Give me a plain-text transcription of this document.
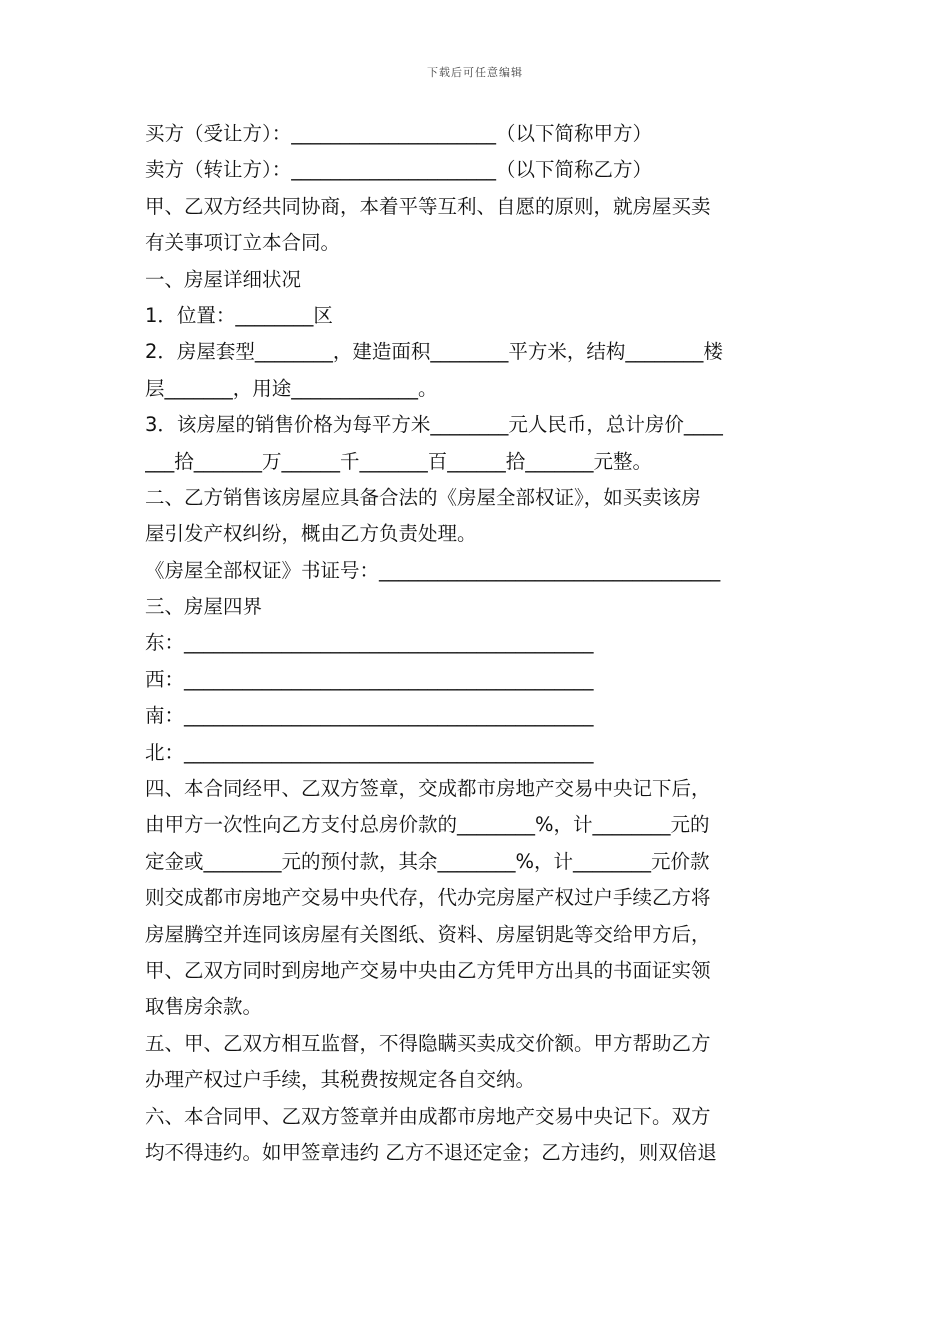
下载后可任意编辑
买方（受让方）：_____________________（以下简称甲方）
卖方（转让方）：_____________________（以下简称乙方）
甲、乙双方经共同协商，本着平等互利、自愿的原则，就房屋买卖
有关事项订立本合同。
一、房屋详细状况
1．位置：________区
2．房屋套型________，建造面积________平方米，结构________楼
层_______，用途_____________。
3．该房屋的销售价格为每平方米________元人民币，总计房价____
___拾_______万______千_______百______拾_______元整。
二、乙方销售该房屋应具备合法的《房屋全部权证》，如买卖该房
屋引发产权纠纷，概由乙方负责处理。
《房屋全部权证》书证号：___________________________________
三、房屋四界
东：__________________________________________
西：__________________________________________
南：__________________________________________
北：__________________________________________
四、本合同经甲、乙双方签章，交成都市房地产交易中央记下后，
由甲方一次性向乙方支付总房价款的________%，计________元的
定金或________元的预付款，其余________%，计________元价款
则交成都市房地产交易中央代存，代办完房屋产权过户手续乙方将
房屋腾空并连同该房屋有关图纸、资料、房屋钥匙等交给甲方后，
甲、乙双方同时到房地产交易中央由乙方凭甲方出具的书面证实领
取售房余款。
五、甲、乙双方相互监督，不得隐瞒买卖成交价额。甲方帮助乙方
办理产权过户手续，其税费按规定各自交纳。
六、本合同甲、乙双方签章并由成都市房地产交易中央记下。双方
均不得违约。如甲签章违约 乙方不退还定金；乙方违约，则双倍退
